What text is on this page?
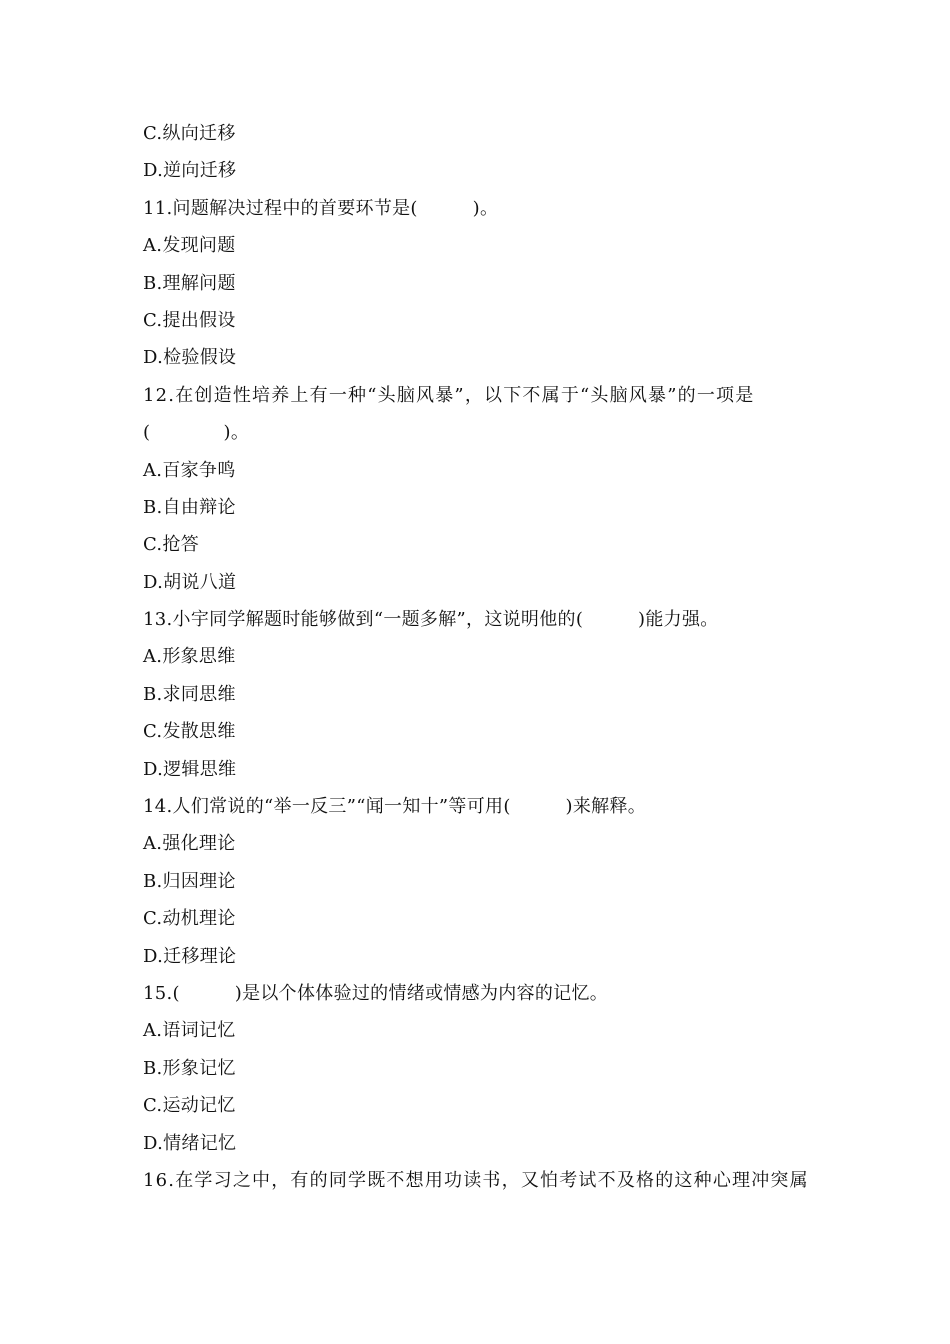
C.纵向迁移
D.逆向迁移
11.问题解决过程中的首要环节是(　　　)。
A.发现问题
B.理解问题
C.提出假设
D.检验假设
12.在创造性培养上有一种“头脑风暴”，以下不属于“头脑风暴”的一项是
(　　　　)。
A.百家争鸣
B.自由辩论
C.抢答
D.胡说八道
13.小宇同学解题时能够做到“一题多解”，这说明他的(　　　)能力强。
A.形象思维
B.求同思维
C.发散思维
D.逻辑思维
14.人们常说的“举一反三”“闻一知十”等可用(　　　)来解释。
A.强化理论
B.归因理论
C.动机理论
D.迁移理论
15.(　　　)是以个体体验过的情绪或情感为内容的记忆。
A.语词记忆
B.形象记忆
C.运动记忆
D.情绪记忆
16.在学习之中，有的同学既不想用功读书，又怕考试不及格的这种心理冲突属
